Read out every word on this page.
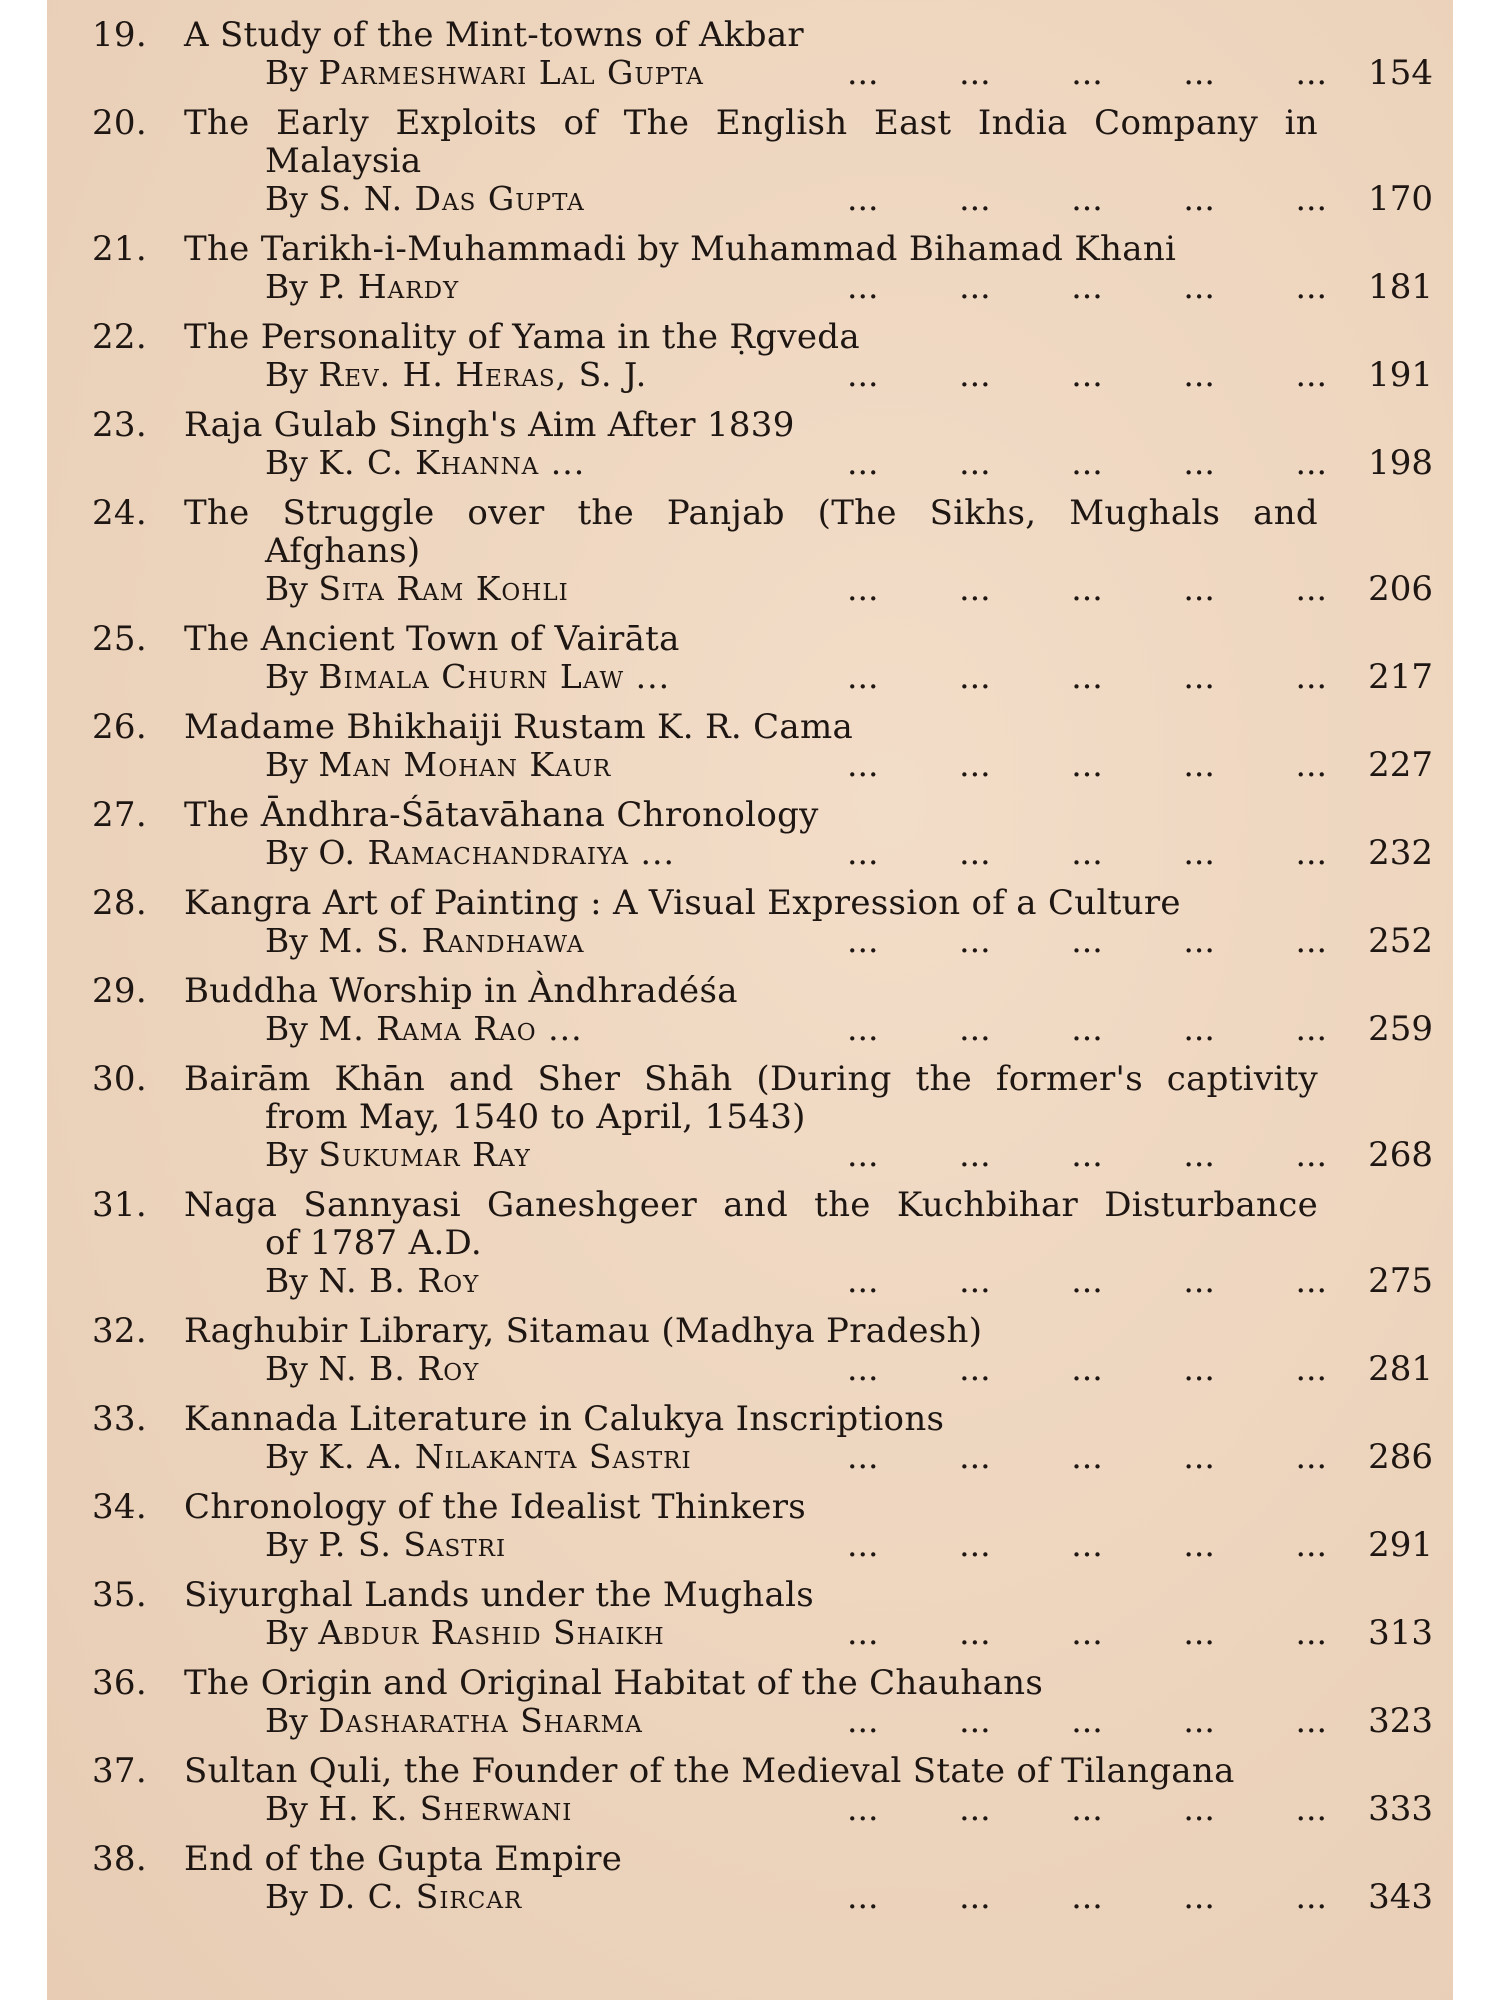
19. A Study of the Mint-towns of Akbar
By Parmeshwari Lal Gupta	... ... ... ... ... 154
20. The Early Exploits of The English East India Company in
Malaysia
By S. N. Das Gupta	... ... ... ... ... 170
21. The Tarikh-i-Muhammadi by Muhammad Bihamad Khani
By P. Hardy	... ... ... ... ... 181
22. The Personality of Yama in the Ṛgveda
By Rev. H. Heras, S. J.	... ... ... ... ... 191
23. Raja Gulab Singh's Aim After 1839
By K. C. Khanna ...	... ... ... ... ... 198
24. The Struggle over the Panjab (The Sikhs, Mughals and
Afghans)
By Sita Ram Kohli	... ... ... ... ... 206
25. The Ancient Town of Vairāta
By Bimala Churn Law ...	... ... ... ... ... 217
26. Madame Bhikhaiji Rustam K. R. Cama
By Man Mohan Kaur	... ... ... ... ... 227
27. The Āndhra-Śātavāhana Chronology
By O. Ramachandraiya ...	... ... ... ... ... 232
28. Kangra Art of Painting : A Visual Expression of a Culture
By M. S. Randhawa	... ... ... ... ... 252
29. Buddha Worship in Àndhradéśa
By M. Rama Rao ...	... ... ... ... ... 259
30. Bairām Khān and Sher Shāh (During the former's captivity
from May, 1540 to April, 1543)
By Sukumar Ray	... ... ... ... ... 268
31. Naga Sannyasi Ganeshgeer and the Kuchbihar Disturbance
of 1787 A.D.
By N. B. Roy	... ... ... ... ... 275
32. Raghubir Library, Sitamau (Madhya Pradesh)
By N. B. Roy	... ... ... ... ... 281
33. Kannada Literature in Calukya Inscriptions
By K. A. Nilakanta Sastri	... ... ... ... ... 286
34. Chronology of the Idealist Thinkers
By P. S. Sastri	... ... ... ... ... 291
35. Siyurghal Lands under the Mughals
By Abdur Rashid Shaikh	... ... ... ... ... 313
36. The Origin and Original Habitat of the Chauhans
By Dasharatha Sharma	... ... ... ... ... 323
37. Sultan Quli, the Founder of the Medieval State of Tilangana
By H. K. Sherwani	... ... ... ... ... 333
38. End of the Gupta Empire
By D. C. Sircar	... ... ... ... ... 343
